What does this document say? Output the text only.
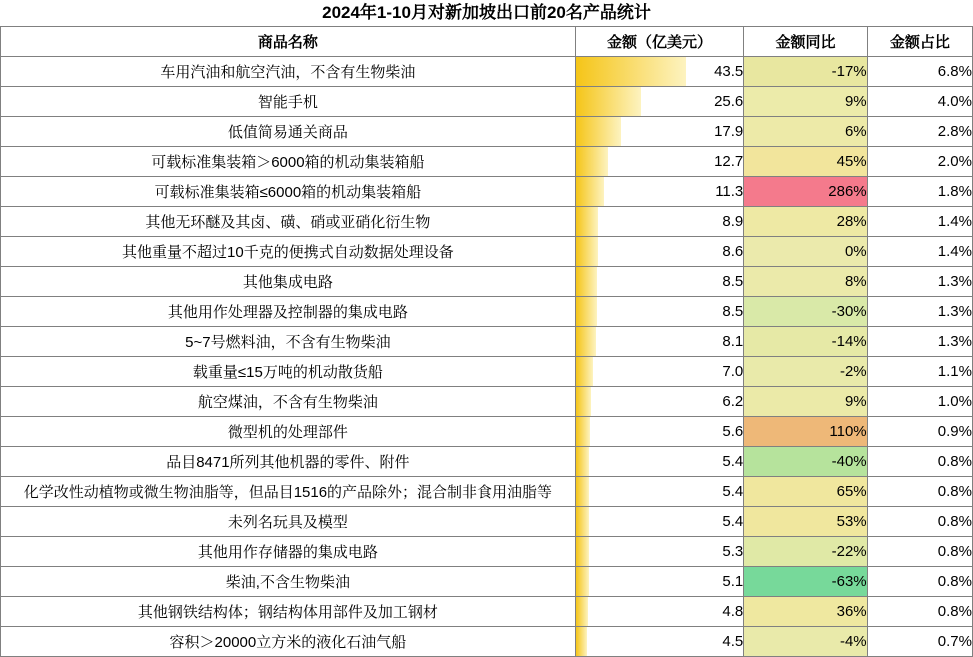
2024年1-10月对新加坡出口前20名产品统计
商品名称	金额（亿美元）	金额同比	金额占比
车用汽油和航空汽油，不含有生物柴油	43.5	-17%	6.8%
智能手机	25.6	9%	4.0%
低值简易通关商品	17.9	6%	2.8%
可载标准集装箱＞6000箱的机动集装箱船	12.7	45%	2.0%
可载标准集装箱≤6000箱的机动集装箱船	11.3	286%	1.8%
其他无环醚及其卤、磺、硝或亚硝化衍生物	8.9	28%	1.4%
其他重量不超过10千克的便携式自动数据处理设备	8.6	0%	1.4%
其他集成电路	8.5	8%	1.3%
其他用作处理器及控制器的集成电路	8.5	-30%	1.3%
5~7号燃料油，不含有生物柴油	8.1	-14%	1.3%
载重量≤15万吨的机动散货船	7.0	-2%	1.1%
航空煤油，不含有生物柴油	6.2	9%	1.0%
微型机的处理部件	5.6	110%	0.9%
品目8471所列其他机器的零件、附件	5.4	-40%	0.8%
化学改性动植物或微生物油脂等，但品目1516的产品除外；混合制非食用油脂等	5.4	65%	0.8%
未列名玩具及模型	5.4	53%	0.8%
其他用作存储器的集成电路	5.3	-22%	0.8%
柴油,不含生物柴油	5.1	-63%	0.8%
其他钢铁结构体；钢结构体用部件及加工钢材	4.8	36%	0.8%
容积＞20000立方米的液化石油气船	4.5	-4%	0.7%
